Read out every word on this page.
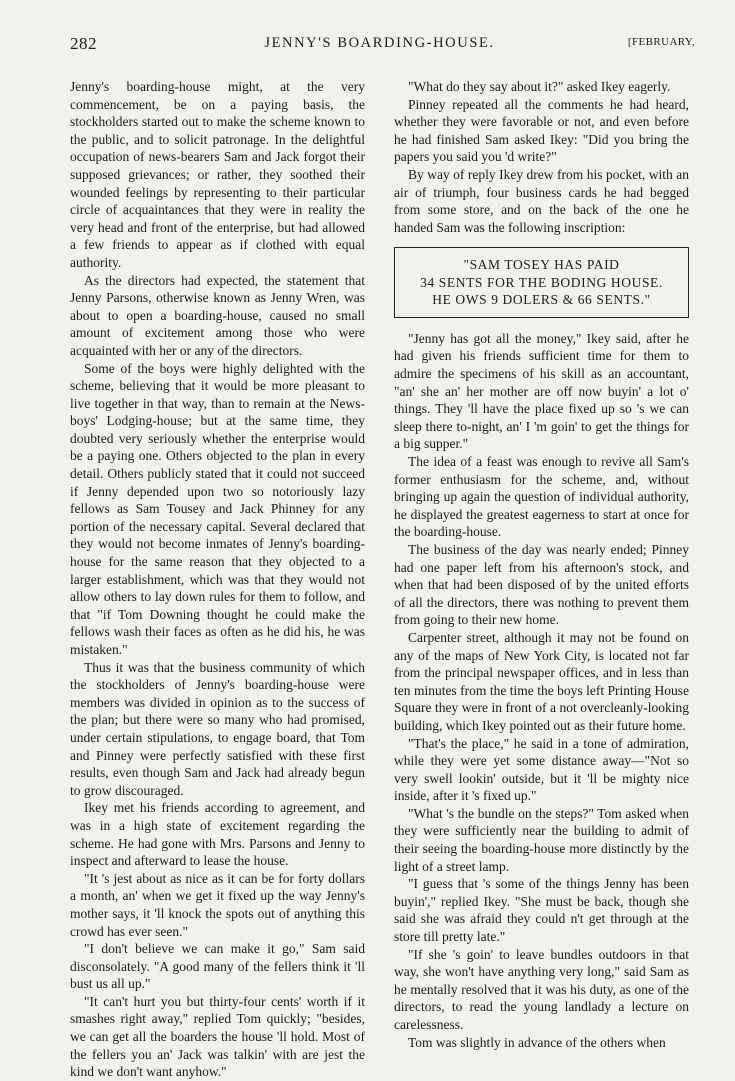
282	JENNY'S BOARDING-HOUSE.	[FEBRUARY,

Jenny's boarding-house might, at the very commencement, be on a paying basis, the stockholders started out to make the scheme known to the public, and to solicit patronage. In the delightful occupation of news-bearers Sam and Jack forgot their supposed grievances; or rather, they soothed their wounded feelings by representing to their particular circle of acquaintances that they were in reality the very head and front of the enterprise, but had allowed a few friends to appear as if clothed with equal authority.

As the directors had expected, the statement that Jenny Parsons, otherwise known as Jenny Wren, was about to open a boarding-house, caused no small amount of excitement among those who were acquainted with her or any of the directors.

Some of the boys were highly delighted with the scheme, believing that it would be more pleasant to live together in that way, than to remain at the News-boys' Lodging-house; but at the same time, they doubted very seriously whether the enterprise would be a paying one. Others objected to the plan in every detail. Others publicly stated that it could not succeed if Jenny depended upon two so notoriously lazy fellows as Sam Tousey and Jack Phinney for any portion of the necessary capital. Several declared that they would not become inmates of Jenny's boarding-house for the same reason that they objected to a larger establishment, which was that they would not allow others to lay down rules for them to follow, and that "if Tom Downing thought he could make the fellows wash their faces as often as he did his, he was mistaken."

Thus it was that the business community of which the stockholders of Jenny's boarding-house were members was divided in opinion as to the success of the plan; but there were so many who had promised, under certain stipulations, to engage board, that Tom and Pinney were perfectly satisfied with these first results, even though Sam and Jack had already begun to grow discouraged.

Ikey met his friends according to agreement, and was in a high state of excitement regarding the scheme. He had gone with Mrs. Parsons and Jenny to inspect and afterward to lease the house.

"It 's jest about as nice as it can be for forty dollars a month, an' when we get it fixed up the way Jenny's mother says, it 'll knock the spots out of anything this crowd has ever seen."

"I don't believe we can make it go," Sam said disconsolately. "A good many of the fellers think it 'll bust us all up."

"It can't hurt you but thirty-four cents' worth if it smashes right away," replied Tom quickly; "besides, we can get all the boarders the house 'll hold. Most of the fellers you an' Jack was talkin' with are jest the kind we don't want anyhow."

"What do they say about it?" asked Ikey eagerly.

Pinney repeated all the comments he had heard, whether they were favorable or not, and even before he had finished Sam asked Ikey: "Did you bring the papers you said you 'd write?"

By way of reply Ikey drew from his pocket, with an air of triumph, four business cards he had begged from some store, and on the back of the one he handed Sam was the following inscription:

"SAM TOSEY HAS PAID
34 SENTS FOR THE BODING HOUSE.
HE OWS 9 DOLERS & 66 SENTS."

"Jenny has got all the money," Ikey said, after he had given his friends sufficient time for them to admire the specimens of his skill as an accountant, "an' she an' her mother are off now buyin' a lot o' things. They 'll have the place fixed up so 's we can sleep there to-night, an' I 'm goin' to get the things for a big supper."

The idea of a feast was enough to revive all Sam's former enthusiasm for the scheme, and, without bringing up again the question of individual authority, he displayed the greatest eagerness to start at once for the boarding-house.

The business of the day was nearly ended; Pinney had one paper left from his afternoon's stock, and when that had been disposed of by the united efforts of all the directors, there was nothing to prevent them from going to their new home.

Carpenter street, although it may not be found on any of the maps of New York City, is located not far from the principal newspaper offices, and in less than ten minutes from the time the boys left Printing House Square they were in front of a not overcleanly-looking building, which Ikey pointed out as their future home.

"That's the place," he said in a tone of admiration, while they were yet some distance away—"Not so very swell lookin' outside, but it 'll be mighty nice inside, after it 's fixed up."

"What 's the bundle on the steps?" Tom asked when they were sufficiently near the building to admit of their seeing the boarding-house more distinctly by the light of a street lamp.

"I guess that 's some of the things Jenny has been buyin'," replied Ikey. "She must be back, though she said she was afraid they could n't get through at the store till pretty late."

"If she 's goin' to leave bundles outdoors in that way, she won't have anything very long," said Sam as he mentally resolved that it was his duty, as one of the directors, to read the young landlady a lecture on carelessness.

Tom was slightly in advance of the others when
